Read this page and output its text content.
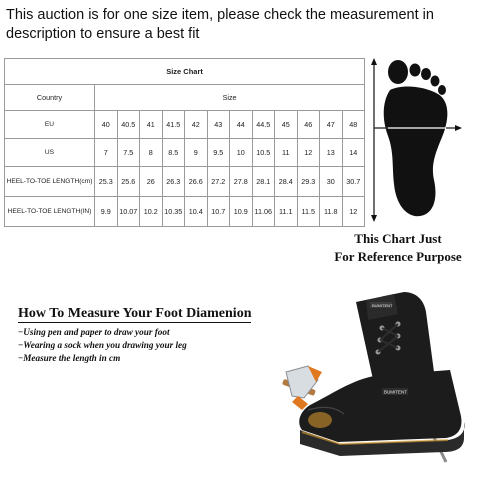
This auction is for one size item, please check the measurement in
description to ensure a best fit
Size Chart												
Country	Size											
EU	40	40.5	41	41.5	42	43	44	44.5	45	46	47	48
US	7	7.5	8	8.5	9	9.5	10	10.5	11	12	13	14
HEEL-TO-TOE LENGTH(cm)	25.3	25.6	26	26.3	26.6	27.2	27.8	28.1	28.4	29.3	30	30.7
HEEL-TO-TOE LENGTH(IN)	9.9	10.07	10.2	10.35	10.4	10.7	10.9	11.06	11.1	11.5	11.8	12
This Chart Just
For Reference Purpose
How To Measure Your Foot Diamenion
−Using pen and paper to draw your foot
−Wearing a sock when you drawing your leg
−Measure the length in cm
BUMITENT
BUMITENT
